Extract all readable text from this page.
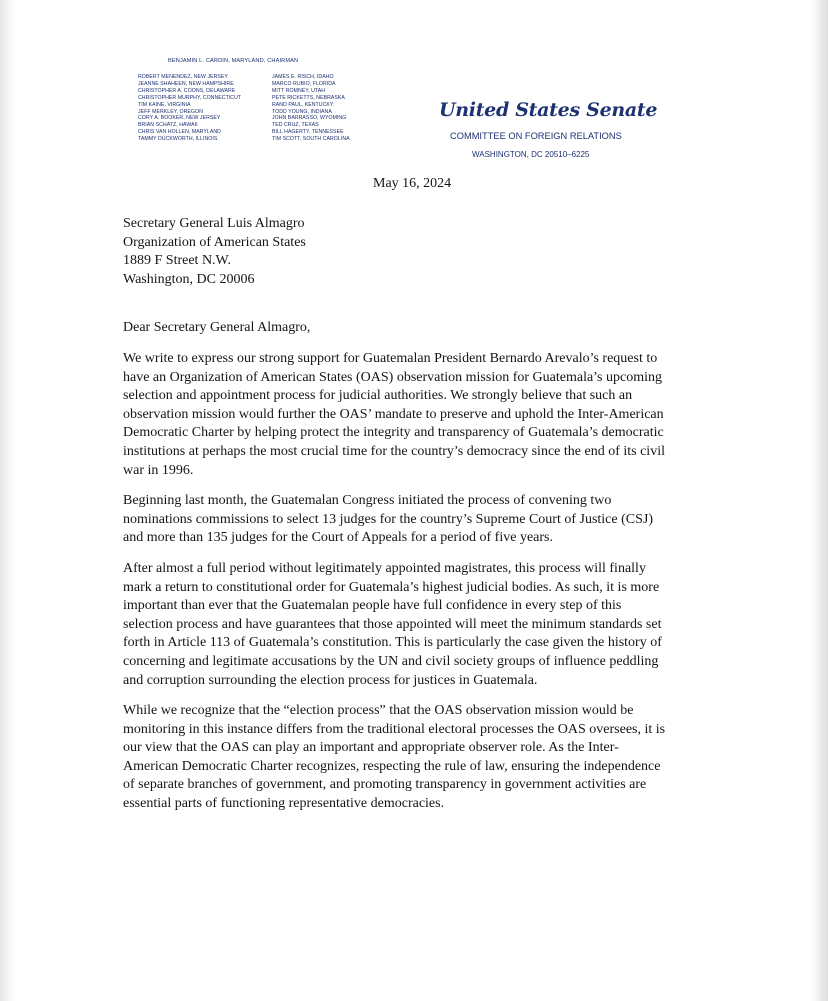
BENJAMIN L. CARDIN, MARYLAND, CHAIRMAN
ROBERT MENENDEZ, NEW JERSEY
JEANNE SHAHEEN, NEW HAMPSHIRE
CHRISTOPHER A. COONS, DELAWARE
CHRISTOPHER MURPHY, CONNECTICUT
TIM KAINE, VIRGINIA
JEFF MERKLEY, OREGON
CORY A. BOOKER, NEW JERSEY
BRIAN SCHATZ, HAWAII
CHRIS VAN HOLLEN, MARYLAND
TAMMY DUCKWORTH, ILLINOIS
JAMES E. RISCH, IDAHO
MARCO RUBIO, FLORIDA
MITT ROMNEY, UTAH
PETE RICKETTS, NEBRASKA
RAND PAUL, KENTUCKY
TODD YOUNG, INDIANA
JOHN BARRASSO, WYOMING
TED CRUZ, TEXAS
BILL HAGERTY, TENNESSEE
TIM SCOTT, SOUTH CAROLINA
United States Senate
COMMITTEE ON FOREIGN RELATIONS
WASHINGTON, DC 20510–6225
May 16, 2024
Secretary General Luis Almagro
Organization of American States
1889 F Street N.W.
Washington, DC 20006
Dear Secretary General Almagro,

We write to express our strong support for Guatemalan President Bernardo Arevalo’s request to
have an Organization of American States (OAS) observation mission for Guatemala’s upcoming
selection and appointment process for judicial authorities. We strongly believe that such an
observation mission would further the OAS’ mandate to preserve and uphold the Inter-American
Democratic Charter by helping protect the integrity and transparency of Guatemala’s democratic
institutions at perhaps the most crucial time for the country’s democracy since the end of its civil
war in 1996.

Beginning last month, the Guatemalan Congress initiated the process of convening two
nominations commissions to select 13 judges for the country’s Supreme Court of Justice (CSJ)
and more than 135 judges for the Court of Appeals for a period of five years.

After almost a full period without legitimately appointed magistrates, this process will finally
mark a return to constitutional order for Guatemala’s highest judicial bodies. As such, it is more
important than ever that the Guatemalan people have full confidence in every step of this
selection process and have guarantees that those appointed will meet the minimum standards set
forth in Article 113 of Guatemala’s constitution. This is particularly the case given the history of
concerning and legitimate accusations by the UN and civil society groups of influence peddling
and corruption surrounding the election process for justices in Guatemala.

While we recognize that the “election process” that the OAS observation mission would be
monitoring in this instance differs from the traditional electoral processes the OAS oversees, it is
our view that the OAS can play an important and appropriate observer role. As the Inter-
American Democratic Charter recognizes, respecting the rule of law, ensuring the independence
of separate branches of government, and promoting transparency in government activities are
essential parts of functioning representative democracies.
